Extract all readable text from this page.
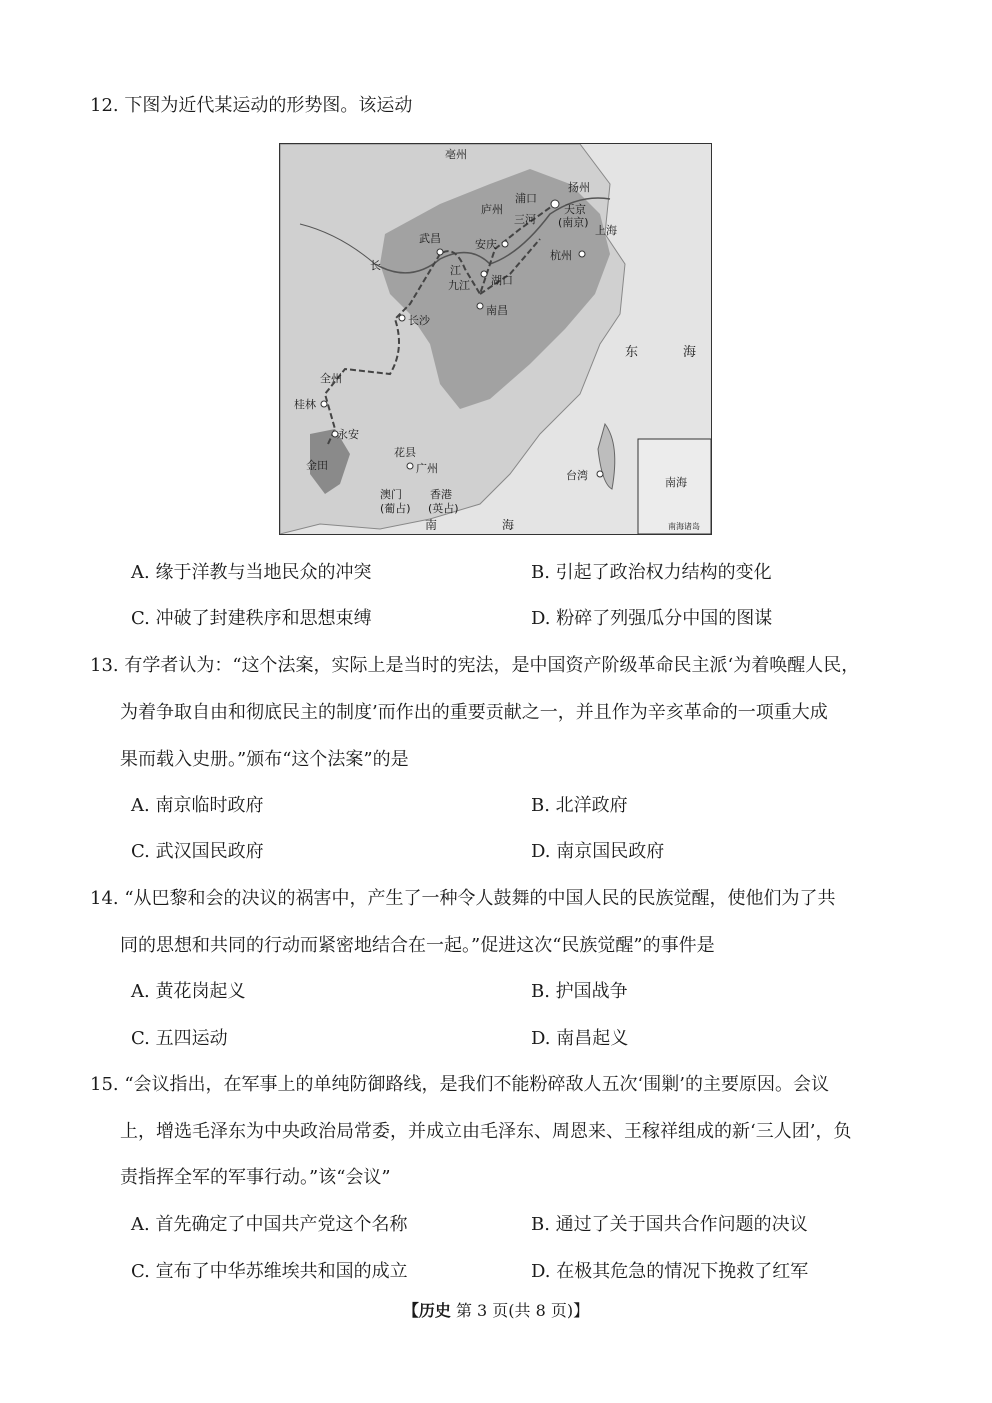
12. 下图为近代某运动的形势图。该运动
亳州
扬州
浦口
庐州	天京
(南京)
三河
上海
武昌	安庆
杭州
长	江
九江 湖口
南昌
长沙
东	海
全州
桂林
永安
金田
花县
广州
澳门
(葡占)
香港
(英占)
南	海
台湾
南海
南海诸岛
A. 缘于洋教与当地民众的冲突	B. 引起了政治权力结构的变化
C. 冲破了封建秩序和思想束缚	D. 粉碎了列强瓜分中国的图谋
13. 有学者认为：“这个法案，实际上是当时的宪法，是中国资产阶级革命民主派‘为着唤醒人民，
为着争取自由和彻底民主的制度’而作出的重要贡献之一，并且作为辛亥革命的一项重大成
果而载入史册。”颁布“这个法案”的是
A. 南京临时政府	B. 北洋政府
C. 武汉国民政府	D. 南京国民政府
14. “从巴黎和会的决议的祸害中，产生了一种令人鼓舞的中国人民的民族觉醒，使他们为了共
同的思想和共同的行动而紧密地结合在一起。”促进这次“民族觉醒”的事件是
A. 黄花岗起义	B. 护国战争
C. 五四运动	D. 南昌起义
15. “会议指出，在军事上的单纯防御路线，是我们不能粉碎敌人五次‘围剿’的主要原因。会议
上，增选毛泽东为中央政治局常委，并成立由毛泽东、周恩来、王稼祥组成的新‘三人团’，负
责指挥全军的军事行动。”该“会议”
A. 首先确定了中国共产党这个名称	B. 通过了关于国共合作问题的决议
C. 宣布了中华苏维埃共和国的成立	D. 在极其危急的情况下挽救了红军
【历史 第 3 页(共 8 页)】
